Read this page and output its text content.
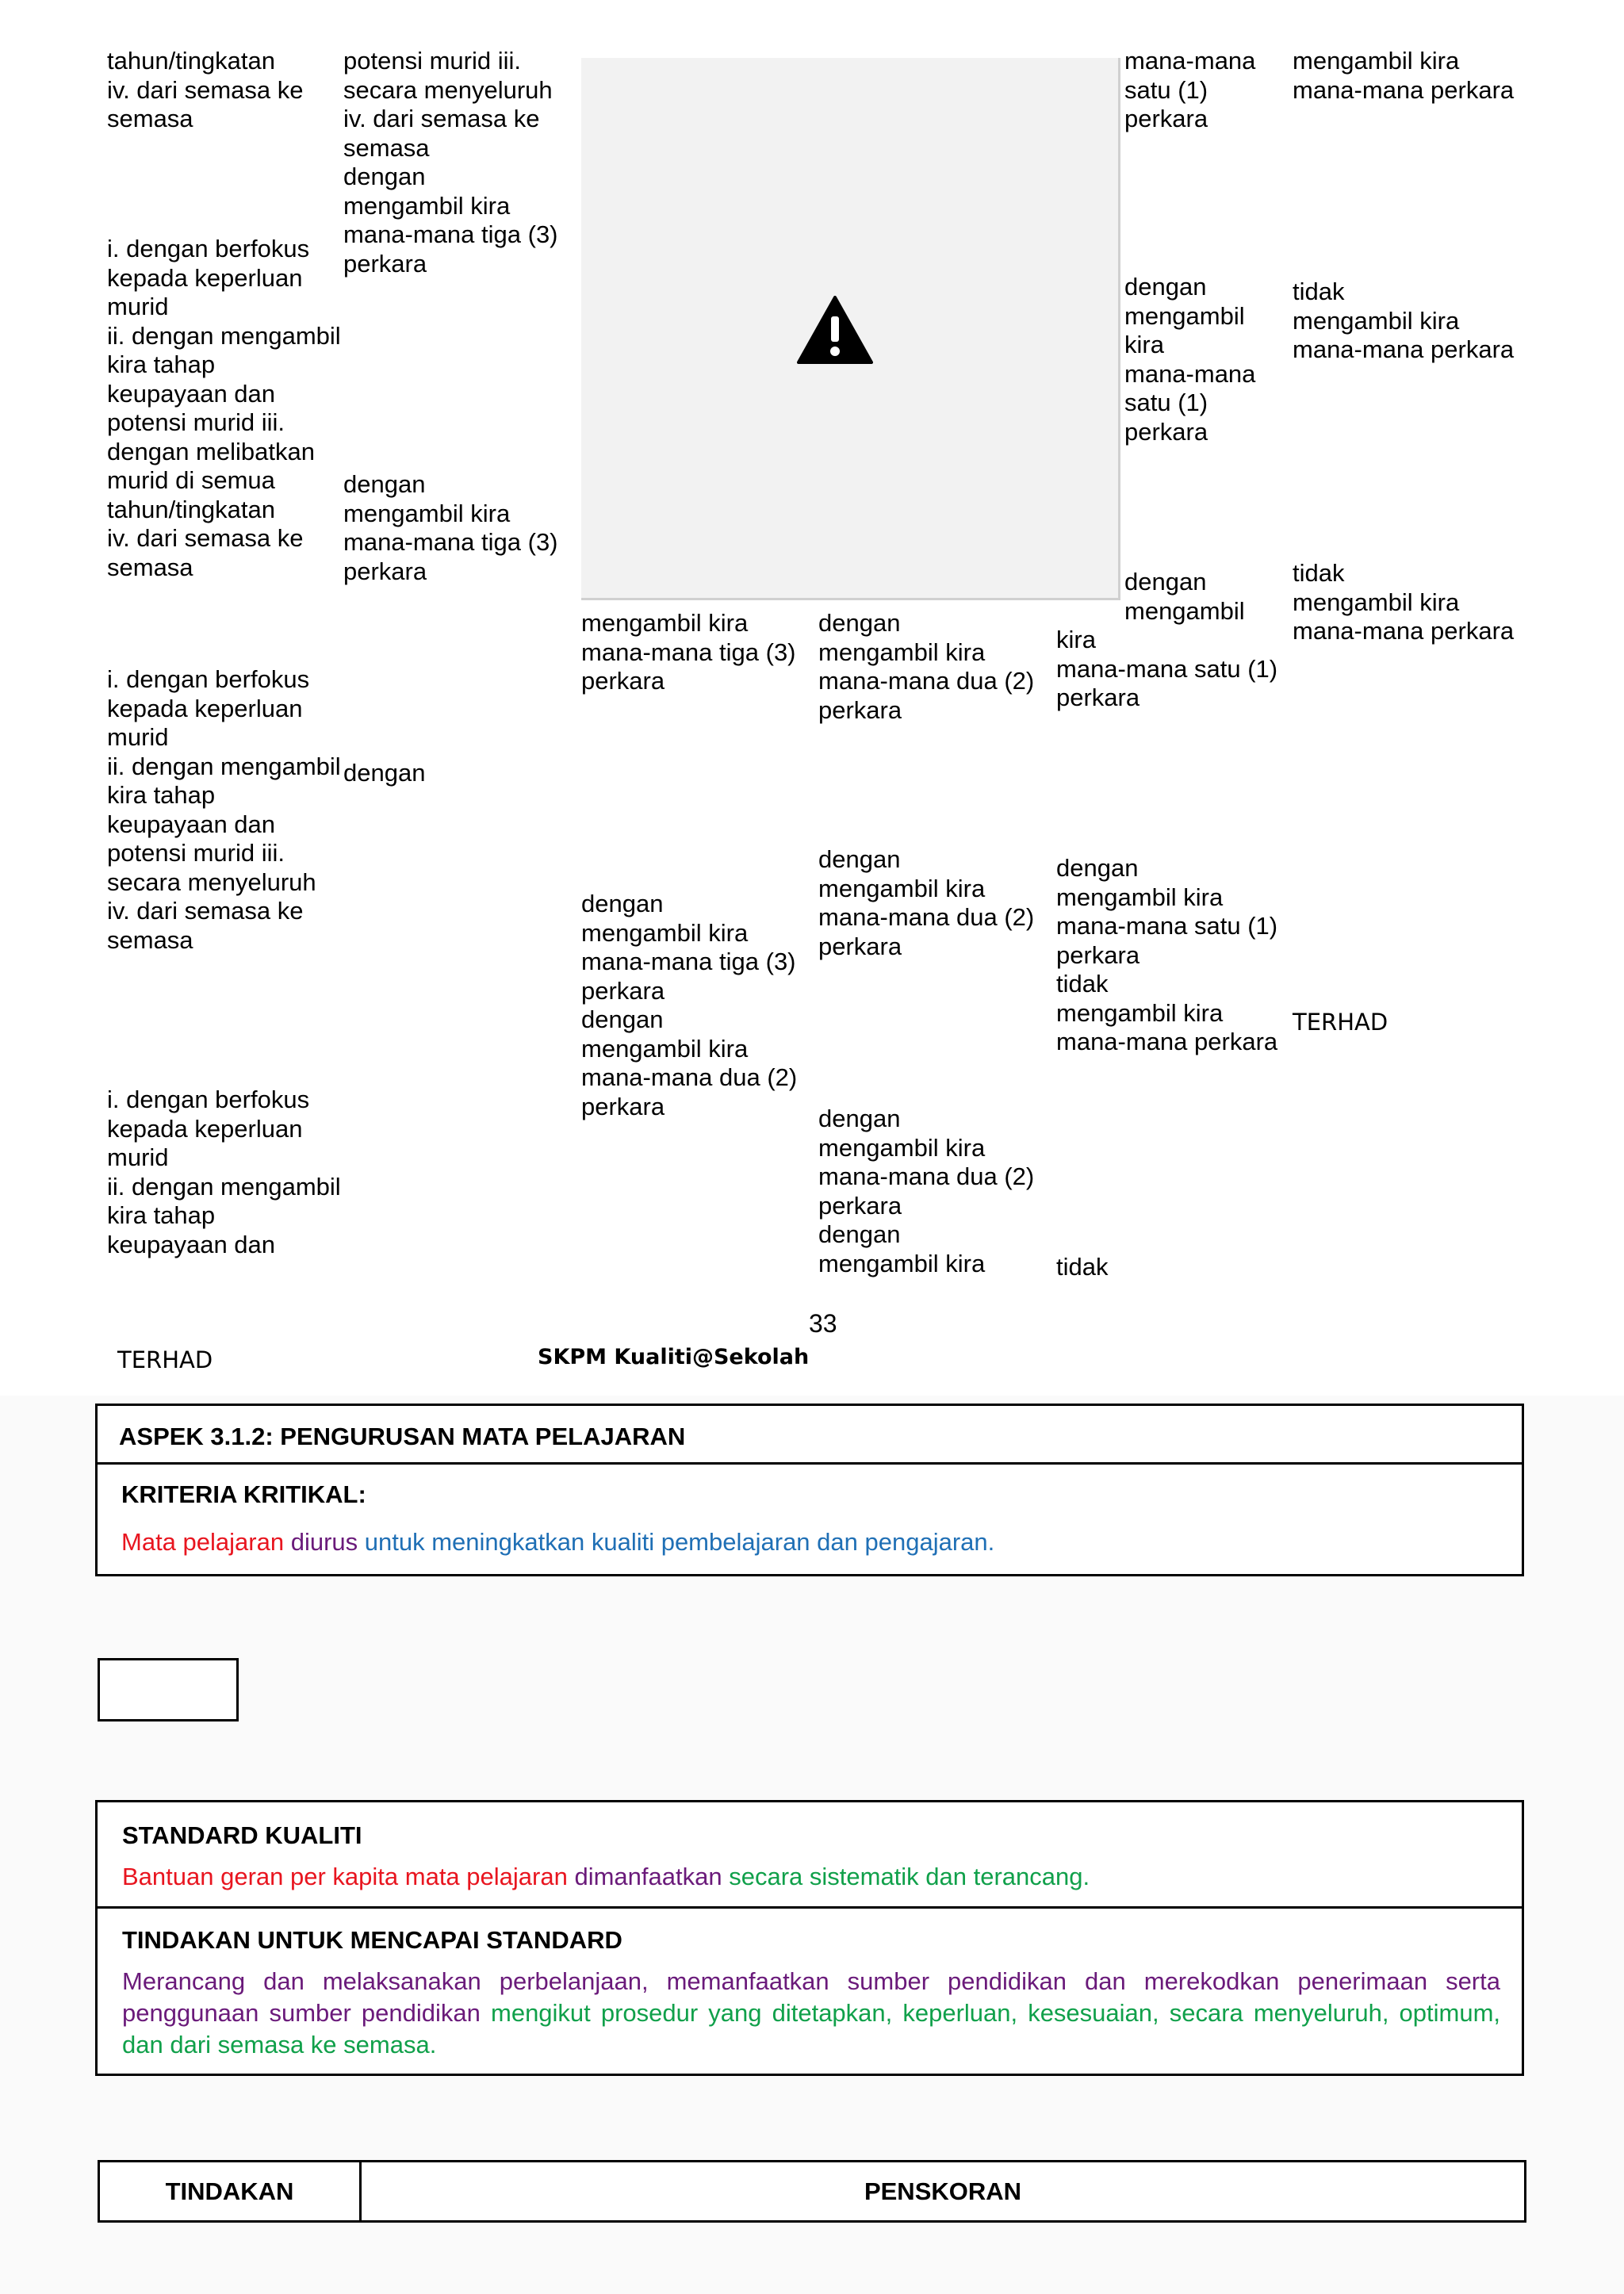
tahun/tingkatan
iv. dari semasa ke
semasa
i. dengan berfokus
kepada keperluan
murid
ii. dengan mengambil
kira tahap
keupayaan dan
potensi murid iii.
dengan melibatkan
murid di semua
tahun/tingkatan
iv. dari semasa ke
semasa
i. dengan berfokus
kepada keperluan
murid
ii. dengan mengambil
kira tahap
keupayaan dan
potensi murid iii.
secara menyeluruh
iv. dari semasa ke
semasa
i. dengan berfokus
kepada keperluan
murid
ii. dengan mengambil
kira tahap
keupayaan dan
potensi murid iii.
secara menyeluruh
iv. dari semasa ke
semasa
dengan
mengambil kira
mana-mana tiga (3)
perkara
dengan
mengambil kira
mana-mana tiga (3)
perkara
dengan
mengambil kira
mana-mana tiga (3)
perkara
dengan
mengambil kira
mana-mana tiga (3)
perkara
dengan
mengambil kira
mana-mana dua (2)
perkara
dengan
mengambil kira
mana-mana dua (2)
perkara
dengan
mengambil kira
mana-mana dua (2)
perkara
dengan
mengambil kira
mana-mana dua (2)
perkara
dengan
mengambil kira
mana-mana
satu (1)
perkara
dengan
mengambil
kira
mana-mana
satu (1)
perkara
dengan
mengambil
kira
mana-mana satu (1)
perkara
dengan
mengambil kira
mana-mana satu (1)
perkara
tidak
mengambil kira
mana-mana perkara
tidak
mengambil kira
mana-mana perkara
tidak
mengambil kira
mana-mana perkara
tidak
mengambil kira
mana-mana perkara
TERHAD
33
TERHAD	SKPM Kualiti@Sekolah
ASPEK 3.1.2: PENGURUSAN MATA PELAJARAN
KRITERIA KRITIKAL:
Mata pelajaran diurus untuk meningkatkan kualiti pembelajaran dan pengajaran.
STANDARD KUALITI
Bantuan geran per kapita mata pelajaran dimanfaatkan secara sistematik dan terancang.
TINDAKAN UNTUK MENCAPAI STANDARD
Merancang dan melaksanakan perbelanjaan, memanfaatkan sumber pendidikan dan merekodkan penerimaan serta penggunaan sumber pendidikan mengikut prosedur yang ditetapkan, keperluan, kesesuaian, secara menyeluruh, optimum, dan dari semasa ke semasa.
TINDAKAN	PENSKORAN
